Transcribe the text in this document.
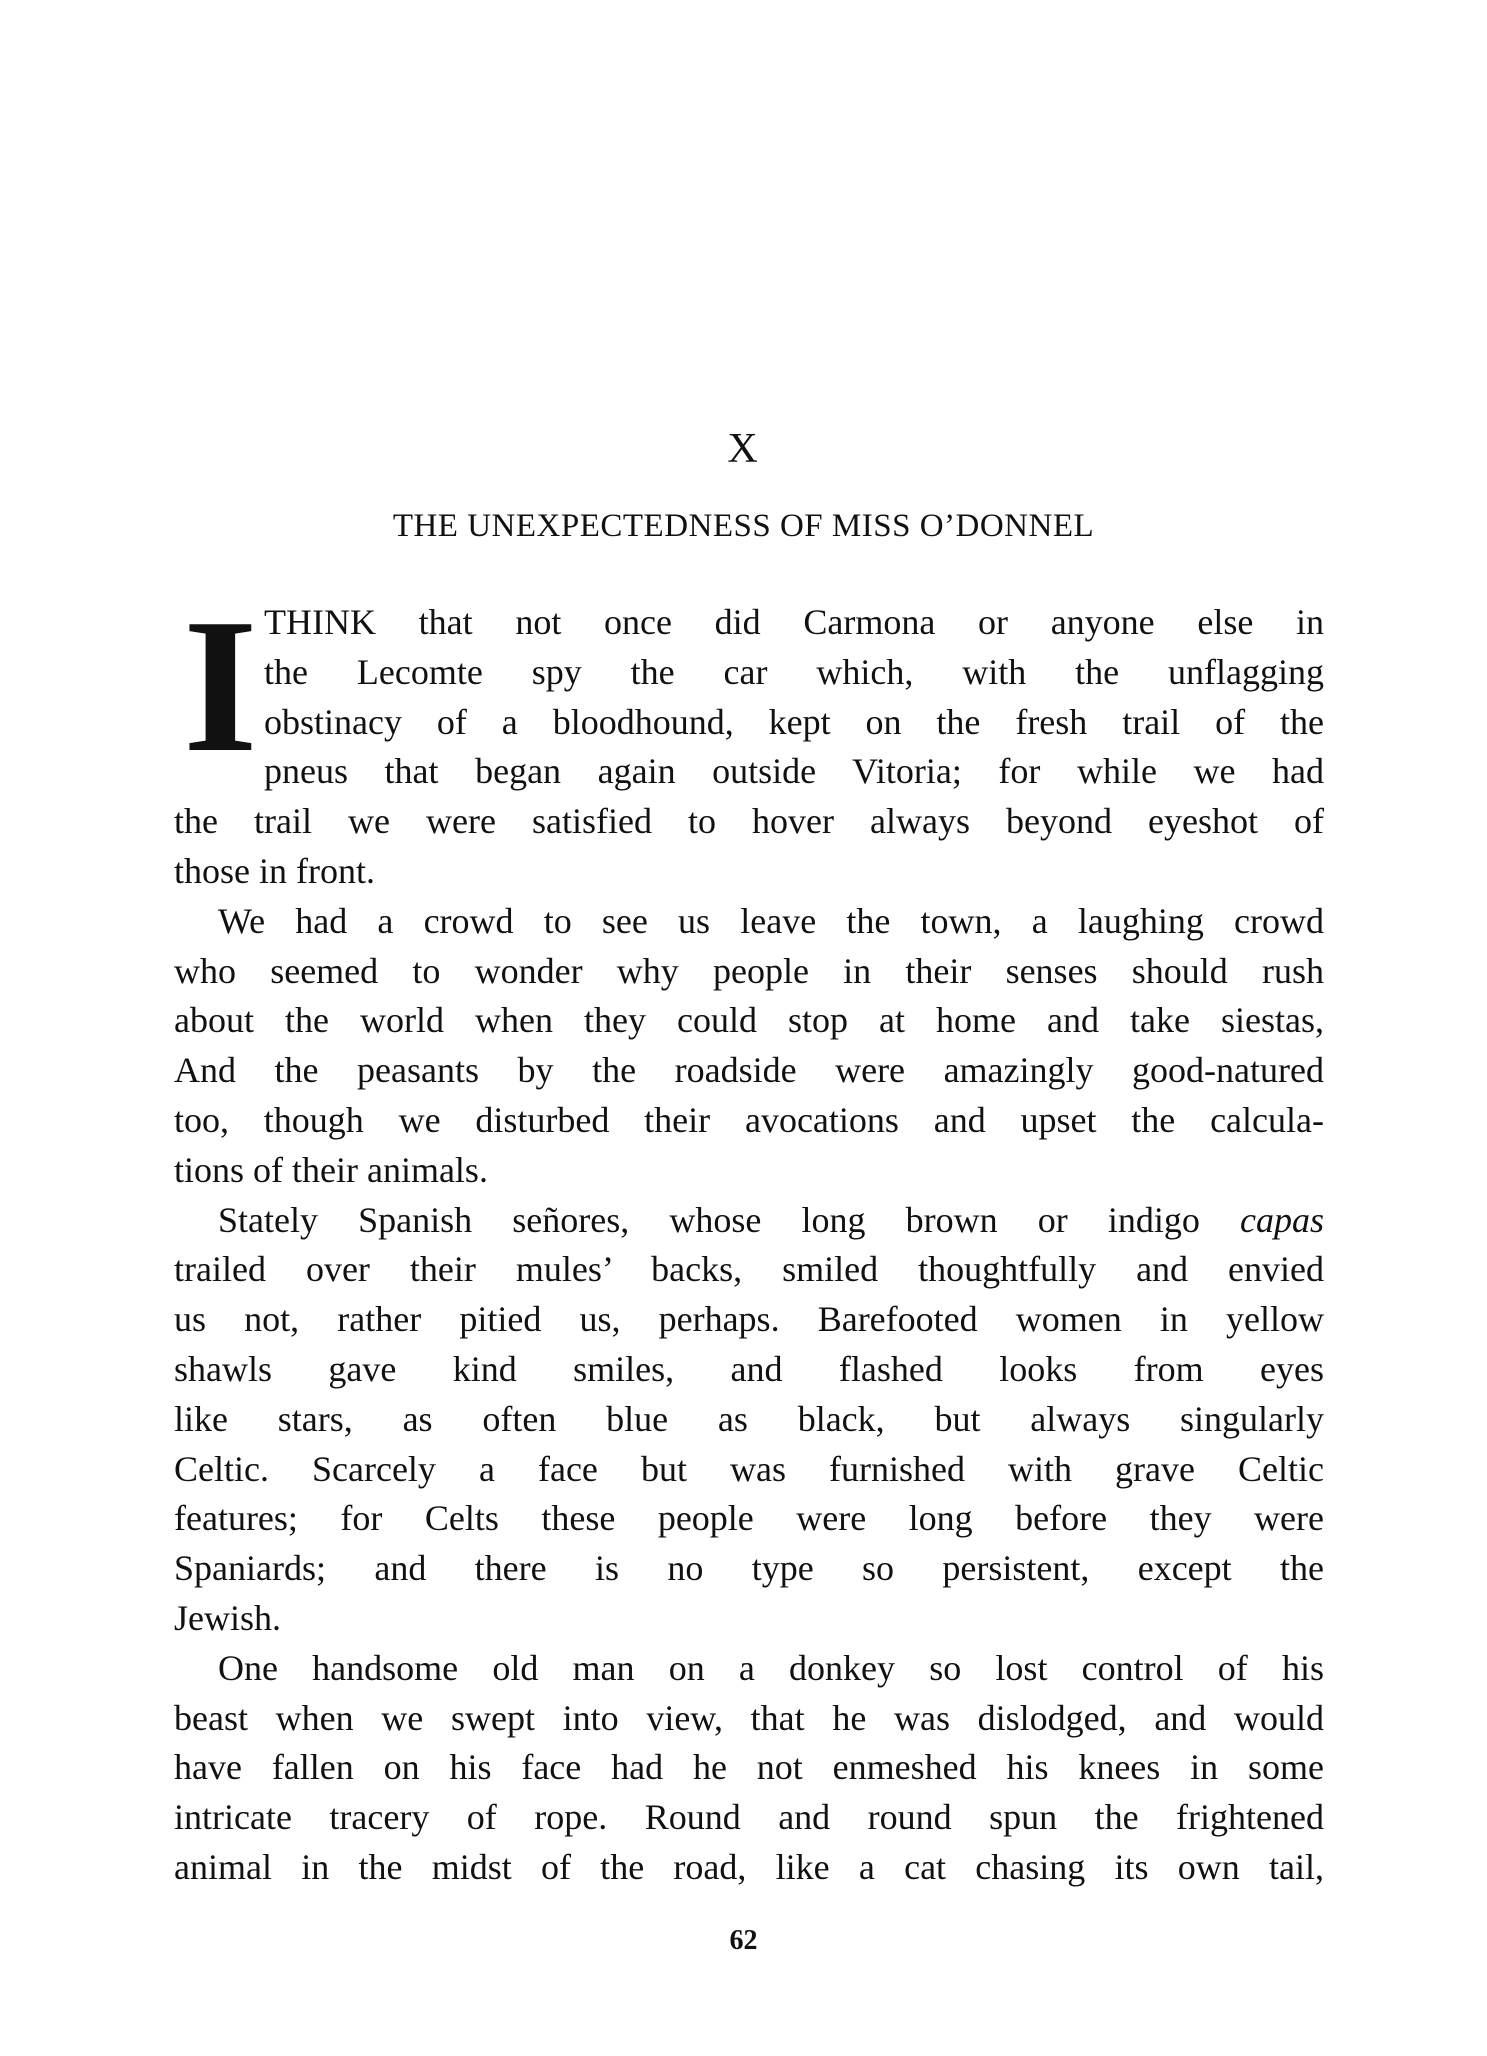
X
THE UNEXPECTEDNESS OF MISS O’DONNEL
I THINK that not once did Carmona or anyone else in
the Lecomte spy the car which, with the unflagging
obstinacy of a bloodhound, kept on the fresh trail of the
pneus that began again outside Vitoria; for while we had
the trail we were satisfied to hover always beyond eyeshot of
those in front.
We had a crowd to see us leave the town, a laughing crowd
who seemed to wonder why people in their senses should rush
about the world when they could stop at home and take siestas,
And the peasants by the roadside were amazingly good-natured
too, though we disturbed their avocations and upset the calcula-
tions of their animals.
Stately Spanish señores, whose long brown or indigo capas
trailed over their mules’ backs, smiled thoughtfully and envied
us not, rather pitied us, perhaps. Barefooted women in yellow
shawls gave kind smiles, and flashed looks from eyes
like stars, as often blue as black, but always singularly
Celtic. Scarcely a face but was furnished with grave Celtic
features; for Celts these people were long before they were
Spaniards; and there is no type so persistent, except the
Jewish.
One handsome old man on a donkey so lost control of his
beast when we swept into view, that he was dislodged, and would
have fallen on his face had he not enmeshed his knees in some
intricate tracery of rope. Round and round spun the frightened
animal in the midst of the road, like a cat chasing its own tail,
62
